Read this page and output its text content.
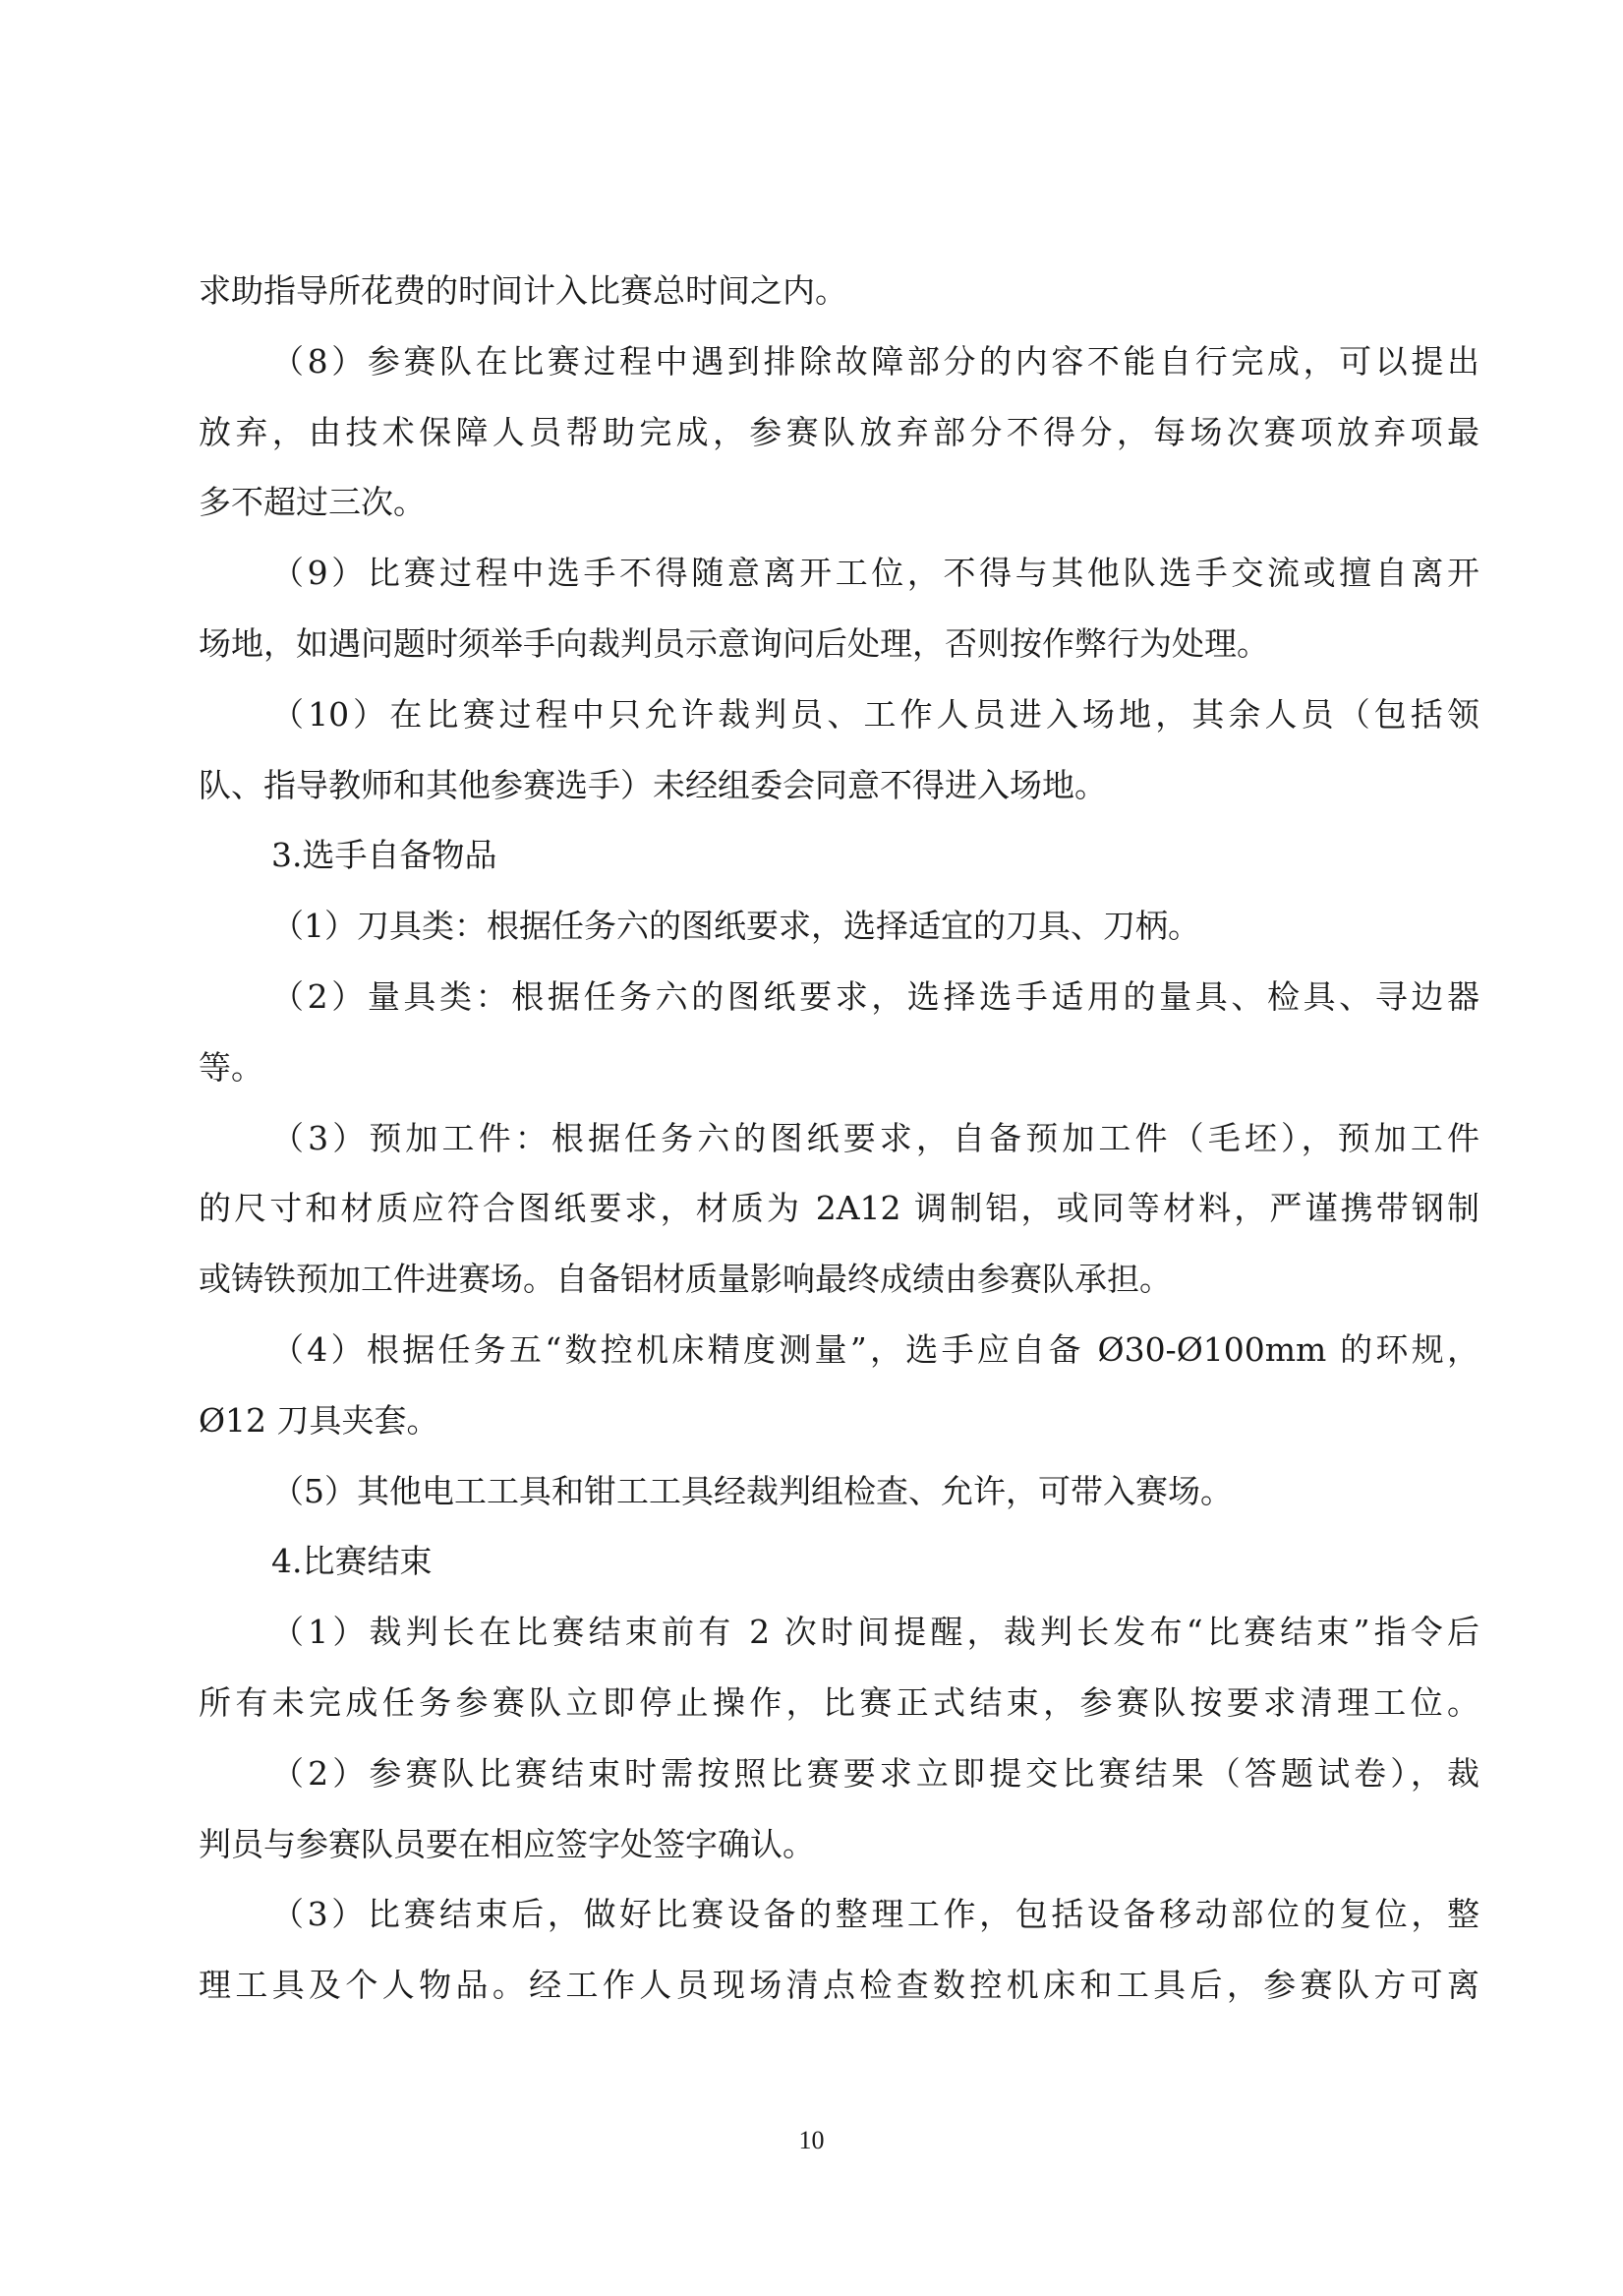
求助指导所花费的时间计入比赛总时间之内。
（8）参赛队在比赛过程中遇到排除故障部分的内容不能自行完成，可以提出
放弃，由技术保障人员帮助完成，参赛队放弃部分不得分，每场次赛项放弃项最
多不超过三次。
（9）比赛过程中选手不得随意离开工位，不得与其他队选手交流或擅自离开
场地，如遇问题时须举手向裁判员示意询问后处理，否则按作弊行为处理。
（10）在比赛过程中只允许裁判员、工作人员进入场地，其余人员（包括领
队、指导教师和其他参赛选手）未经组委会同意不得进入场地。
3.选手自备物品
（1）刀具类：根据任务六的图纸要求，选择适宜的刀具、刀柄。
（2）量具类：根据任务六的图纸要求，选择选手适用的量具、检具、寻边器
等。
（3）预加工件：根据任务六的图纸要求，自备预加工件（毛坯），预加工件
的尺寸和材质应符合图纸要求，材质为 2A12 调制铝，或同等材料，严谨携带钢制
或铸铁预加工件进赛场。自备铝材质量影响最终成绩由参赛队承担。
（4）根据任务五“数控机床精度测量”，选手应自备 Ø30-Ø100mm 的环规，
Ø12 刀具夹套。
（5）其他电工工具和钳工工具经裁判组检查、允许，可带入赛场。
4.比赛结束
（1）裁判长在比赛结束前有 2 次时间提醒，裁判长发布“比赛结束”指令后
所有未完成任务参赛队立即停止操作，比赛正式结束，参赛队按要求清理工位。
（2）参赛队比赛结束时需按照比赛要求立即提交比赛结果（答题试卷），裁
判员与参赛队员要在相应签字处签字确认。
（3）比赛结束后，做好比赛设备的整理工作，包括设备移动部位的复位，整
理工具及个人物品。经工作人员现场清点检查数控机床和工具后，参赛队方可离
10
